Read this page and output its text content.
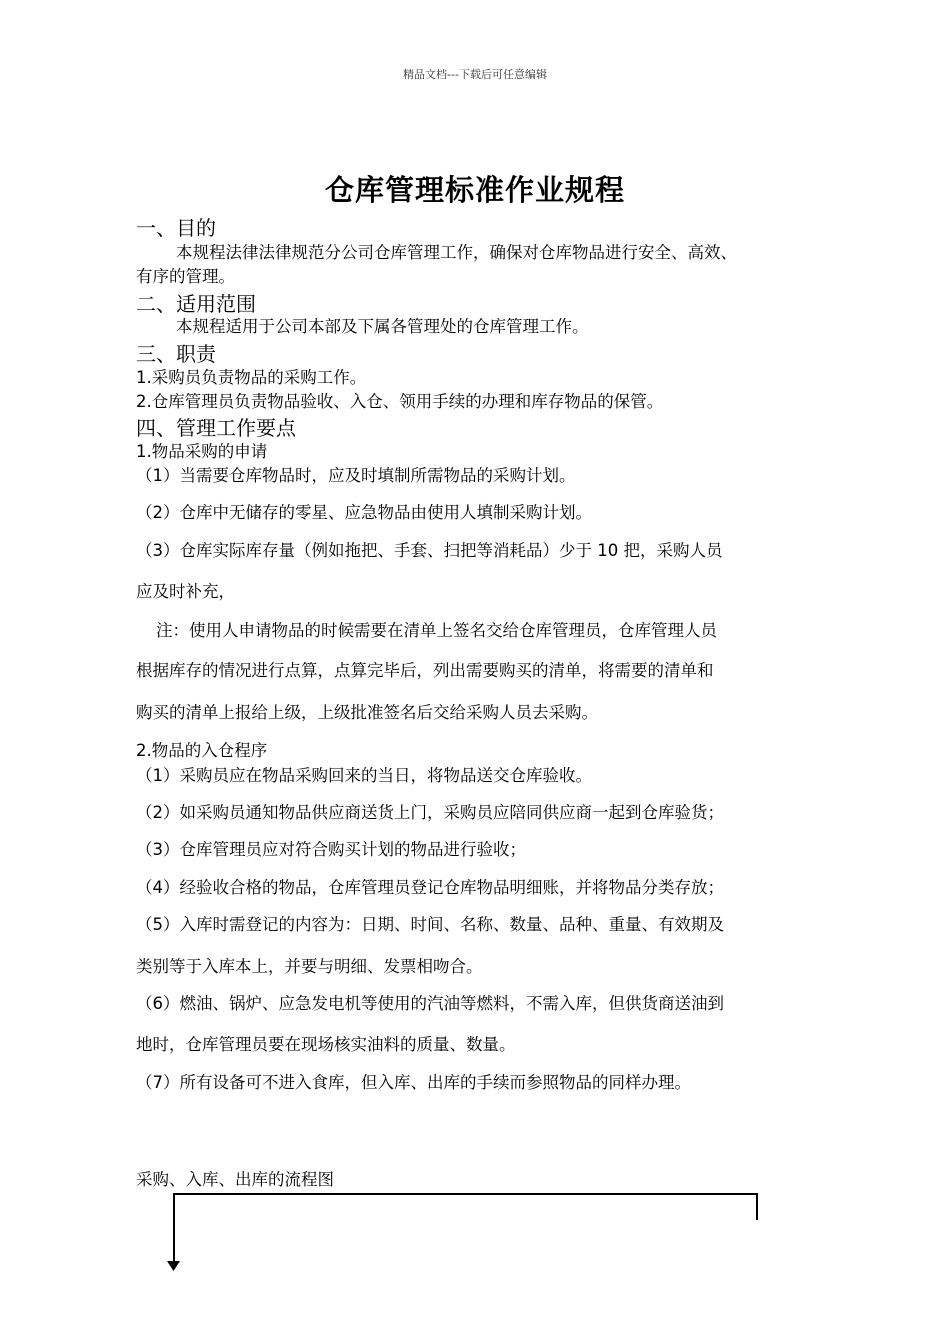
精品文档---下载后可任意编辑
仓库管理标准作业规程
一、目的
本规程法律法律规范分公司仓库管理工作，确保对仓库物品进行安全、高效、
有序的管理。
二、适用范围
本规程适用于公司本部及下属各管理处的仓库管理工作。
三、职责
1.采购员负责物品的采购工作。
2.仓库管理员负责物品验收、入仓、领用手续的办理和库存物品的保管。
四、管理工作要点
1.物品采购的申请
（1）当需要仓库物品时，应及时填制所需物品的采购计划。
（2）仓库中无储存的零星、应急物品由使用人填制采购计划。
（3）仓库实际库存量（例如拖把、手套、扫把等消耗品）少于 10 把，采购人员
应及时补充，
注：使用人申请物品的时候需要在清单上签名交给仓库管理员，仓库管理人员
根据库存的情况进行点算，点算完毕后，列出需要购买的清单，将需要的清单和
购买的清单上报给上级，上级批准签名后交给采购人员去采购。
2.物品的入仓程序
（1）采购员应在物品采购回来的当日，将物品送交仓库验收。
（2）如采购员通知物品供应商送货上门，采购员应陪同供应商一起到仓库验货；
（3）仓库管理员应对符合购买计划的物品进行验收；
（4）经验收合格的物品，仓库管理员登记仓库物品明细账，并将物品分类存放；
（5）入库时需登记的内容为：日期、时间、名称、数量、品种、重量、有效期及
类别等于入库本上，并要与明细、发票相吻合。
（6）燃油、锅炉、应急发电机等使用的汽油等燃料，不需入库，但供货商送油到
地时，仓库管理员要在现场核实油料的质量、数量。
（7）所有设备可不进入食库，但入库、出库的手续而参照物品的同样办理。
采购、入库、出库的流程图
